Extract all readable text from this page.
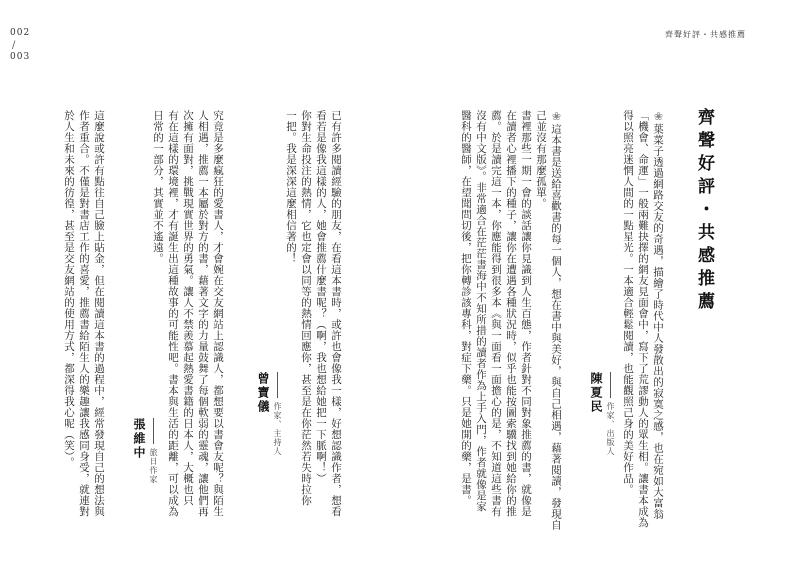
002
/
003
齊聲好評・共感推薦
齊聲好評・共感推薦
❀葉菜子透過網路交友的奇遇，描繪了時代中人發散出的寂寞之感，也在宛如大富翁
「機會、命運」一般兩難抉擇的網友見面會中，寫下了荒謬動人的眾生相。讓書本成為
得以照亮迷惘人間的一點星光。一本適合輕鬆閱讀，也能觀照己身的美好作品。
作家、出版人
陳夏民
❀這本書是送給喜歡書的每一個人，想在書中與美好，與自己相遇，藉著閱讀，發現自
己並沒有那麼孤單。
書裡那些一期一會的談話讓你見識到人生百態，作者針對不同對象推薦的書，就像是
在讀者心裡播下的種子，讓你在遭遇各種狀況時，似乎也能按圖索驥找到她給你的推
薦。於是讀完這一本，你應能得到很多本《與一面看一面擔心的是，不知道這些書有
沒有中文版》。非常適合在茫茫書海中不知所措的讀者作為上手入門，作者就像是家
醫科的醫師，在望聞問切後，把你轉診該專科，對症下藥。只是她開的藥，是書。
作家、主持人
曾寶儀	已有許多閱讀經驗的朋友，在看這本書時，或許也會像我一樣，好想認識作者，想看
看若是像我這樣的人，她會推薦什麼書呢？（啊，我也想給她把一下脈啊！）
你對生命投注的熱情，它也定會以同等的熱情回應你，甚至是在你茫然若失時拉你
一把。我是深深這麼相信著的！
究竟是多麼瘋狂的愛書人，才會婉在交友網站上認識人，都想要以書會友呢？與陌生
人相遇，推薦一本屬於對方的書，藉著文字的力量鼓舞了每個軟弱的靈魂，讓他們再
次擁有面對，挑戰現實世界的勇氣。讓人不禁羨慕起熱愛書籍的日本人，大概也只
有在這樣的環境裡，才有誕生出這種故事的可能性吧。書本與生活的距離，可以成為
日常的一部分，其實並不遙遠。
旅日作家
張維中
這麼說或許有點往自己臉上貼金，但在閱讀這本書的過程中，經常發現自己的想法與
作者重合。不僅是對書店工作的喜愛，推薦書給陌生人的樂趣讓我感同身受，就連對
於人生和未來的彷徨，甚至是交友網站的使用方式，都深得我心呢（笑）。
